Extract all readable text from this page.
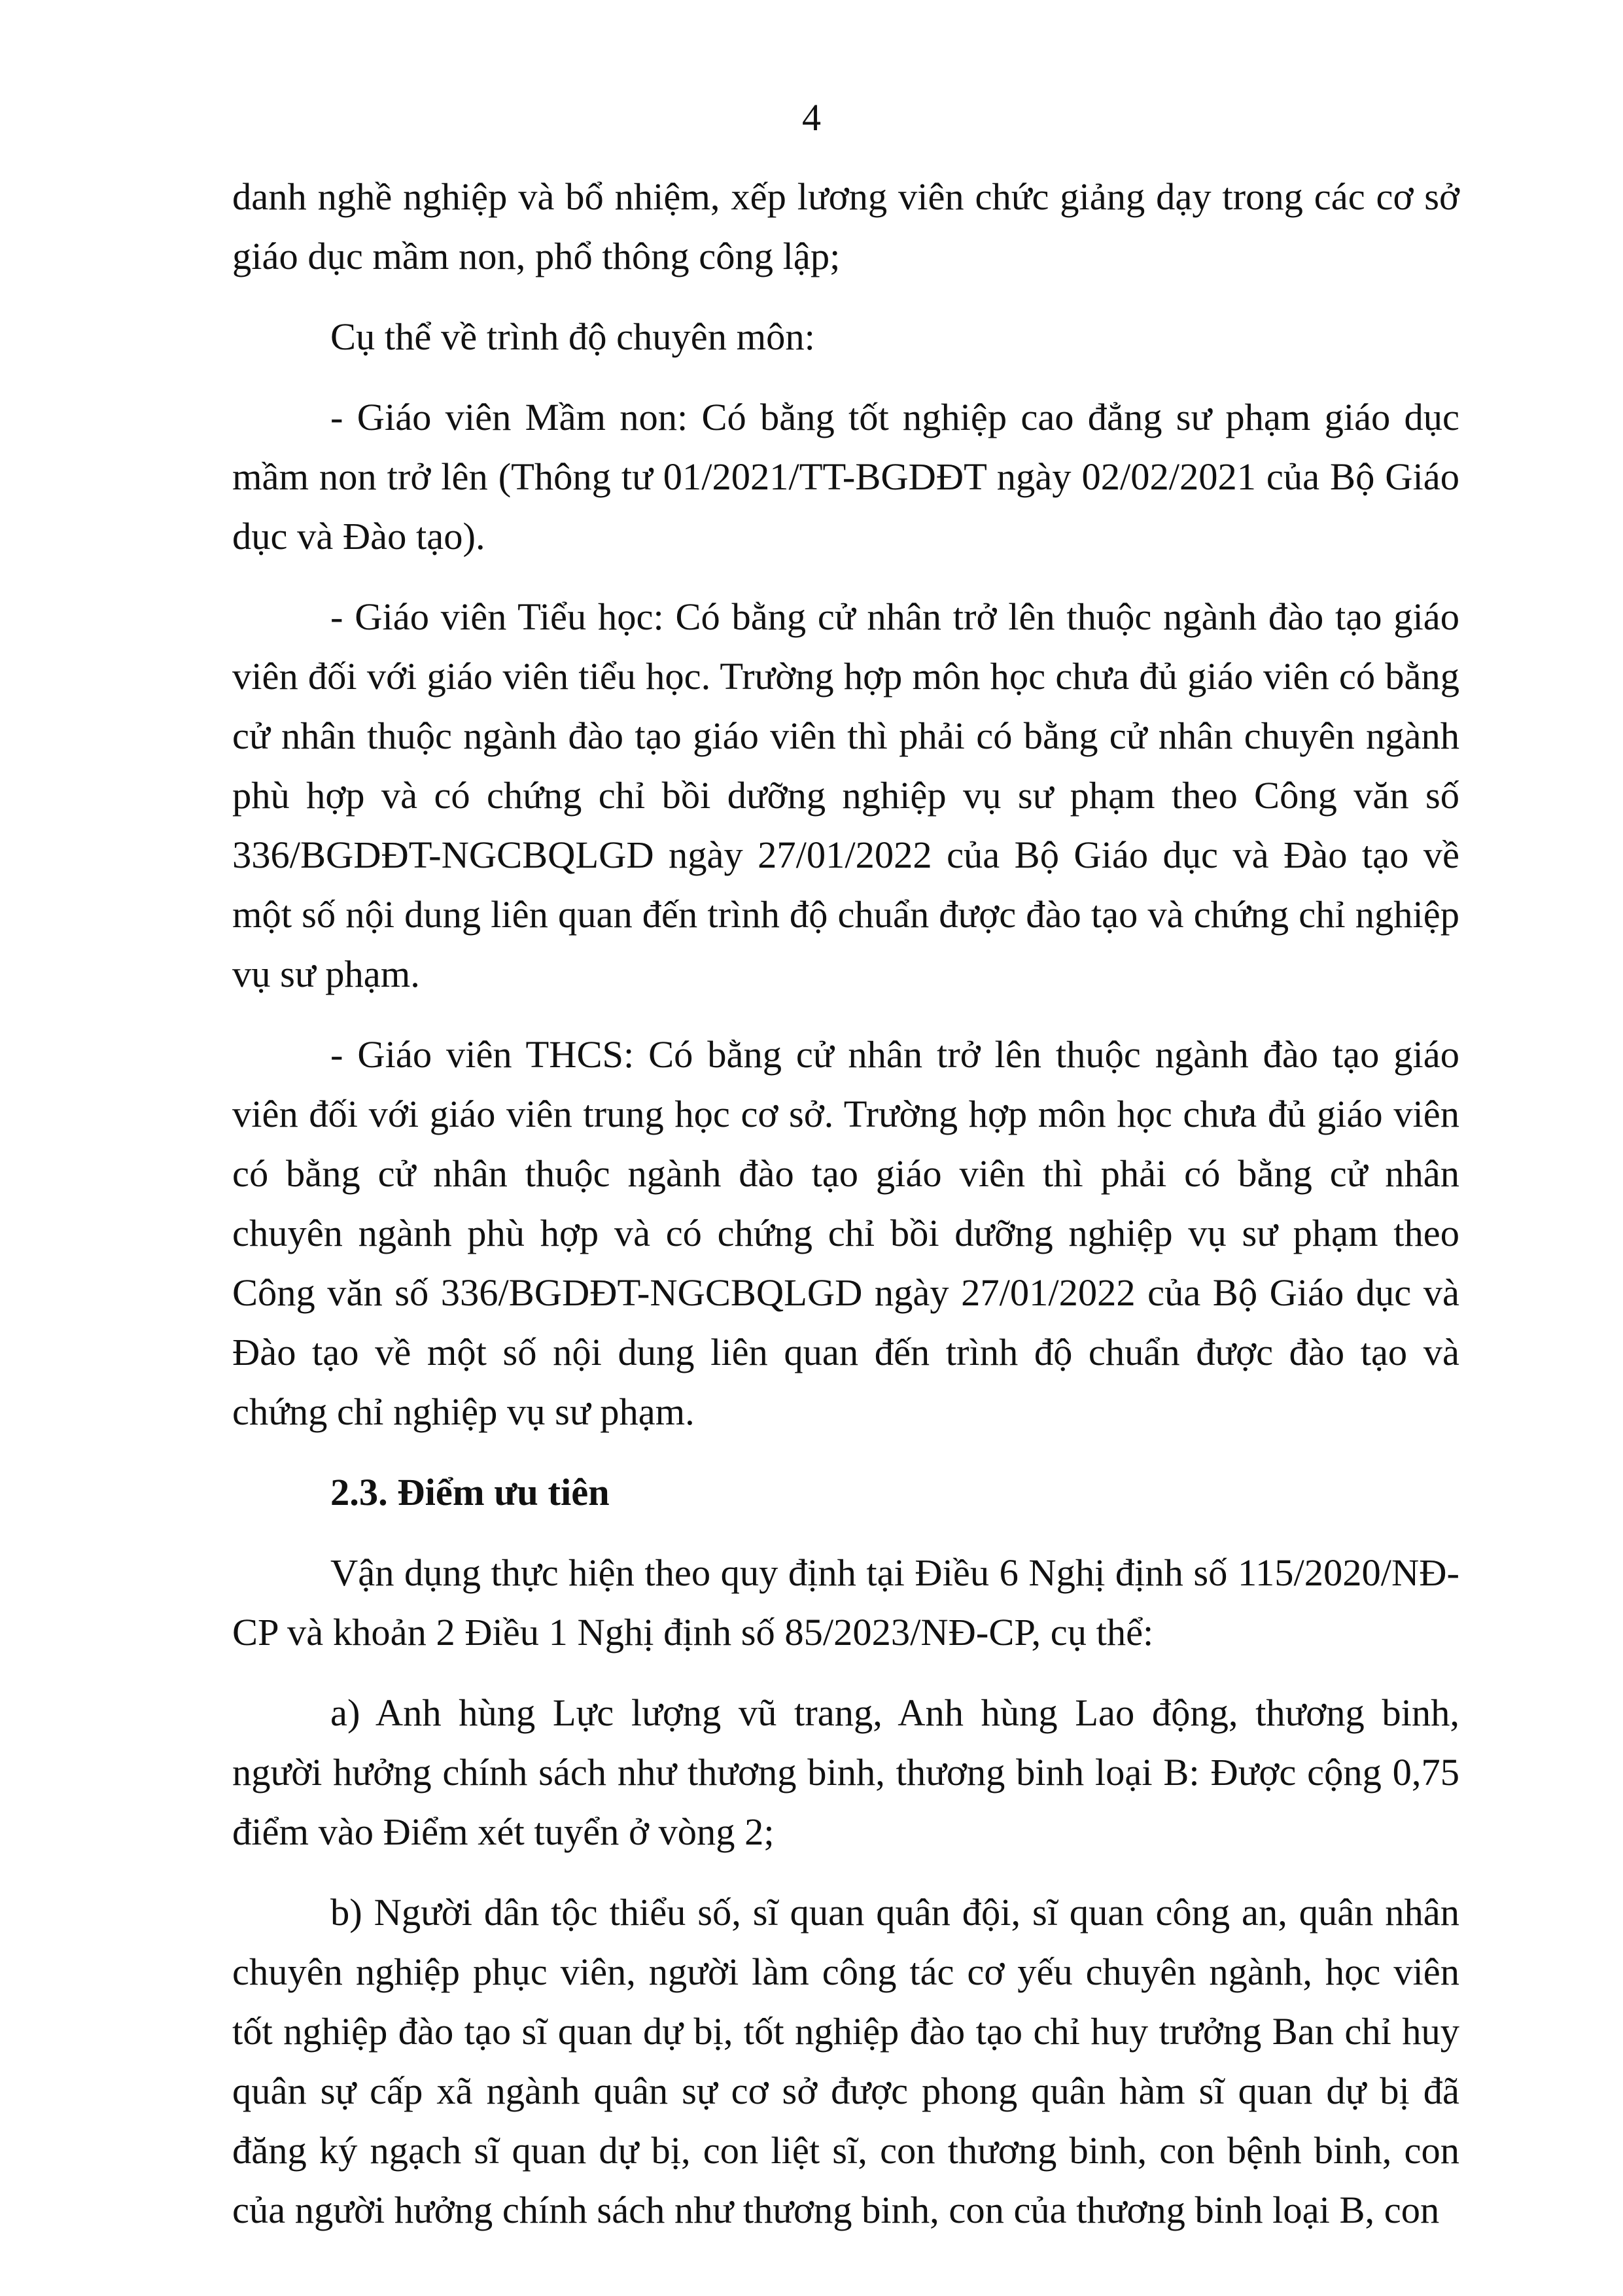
4

danh nghề nghiệp và bổ nhiệm, xếp lương viên chức giảng dạy trong các cơ sở giáo dục mầm non, phổ thông công lập;

Cụ thể về trình độ chuyên môn:

- Giáo viên Mầm non: Có bằng tốt nghiệp cao đẳng sư phạm giáo dục mầm non trở lên (Thông tư 01/2021/TT-BGDĐT ngày 02/02/2021 của Bộ Giáo dục và Đào tạo).

- Giáo viên Tiểu học: Có bằng cử nhân trở lên thuộc ngành đào tạo giáo viên đối với giáo viên tiểu học. Trường hợp môn học chưa đủ giáo viên có bằng cử nhân thuộc ngành đào tạo giáo viên thì phải có bằng cử nhân chuyên ngành phù hợp và có chứng chỉ bồi dưỡng nghiệp vụ sư phạm theo Công văn số 336/BGDĐT-NGCBQLGD ngày 27/01/2022 của Bộ Giáo dục và Đào tạo về một số nội dung liên quan đến trình độ chuẩn được đào tạo và chứng chỉ nghiệp vụ sư phạm.

- Giáo viên THCS: Có bằng cử nhân trở lên thuộc ngành đào tạo giáo viên đối với giáo viên trung học cơ sở. Trường hợp môn học chưa đủ giáo viên có bằng cử nhân thuộc ngành đào tạo giáo viên thì phải có bằng cử nhân chuyên ngành phù hợp và có chứng chỉ bồi dưỡng nghiệp vụ sư phạm theo Công văn số 336/BGDĐT-NGCBQLGD ngày 27/01/2022 của Bộ Giáo dục và Đào tạo về một số nội dung liên quan đến trình độ chuẩn được đào tạo và chứng chỉ nghiệp vụ sư phạm.

2.3. Điểm ưu tiên

Vận dụng thực hiện theo quy định tại Điều 6 Nghị định số 115/2020/NĐ-CP và khoản 2 Điều 1 Nghị định số 85/2023/NĐ-CP, cụ thể:

a) Anh hùng Lực lượng vũ trang, Anh hùng Lao động, thương binh, người hưởng chính sách như thương binh, thương binh loại B: Được cộng 0,75 điểm vào Điểm xét tuyển ở vòng 2;

b) Người dân tộc thiểu số, sĩ quan quân đội, sĩ quan công an, quân nhân chuyên nghiệp phục viên, người làm công tác cơ yếu chuyên ngành, học viên tốt nghiệp đào tạo sĩ quan dự bị, tốt nghiệp đào tạo chỉ huy trưởng Ban chỉ huy quân sự cấp xã ngành quân sự cơ sở được phong quân hàm sĩ quan dự bị đã đăng ký ngạch sĩ quan dự bị, con liệt sĩ, con thương binh, con bệnh binh, con của người hưởng chính sách như thương binh, con của thương binh loại B, con
